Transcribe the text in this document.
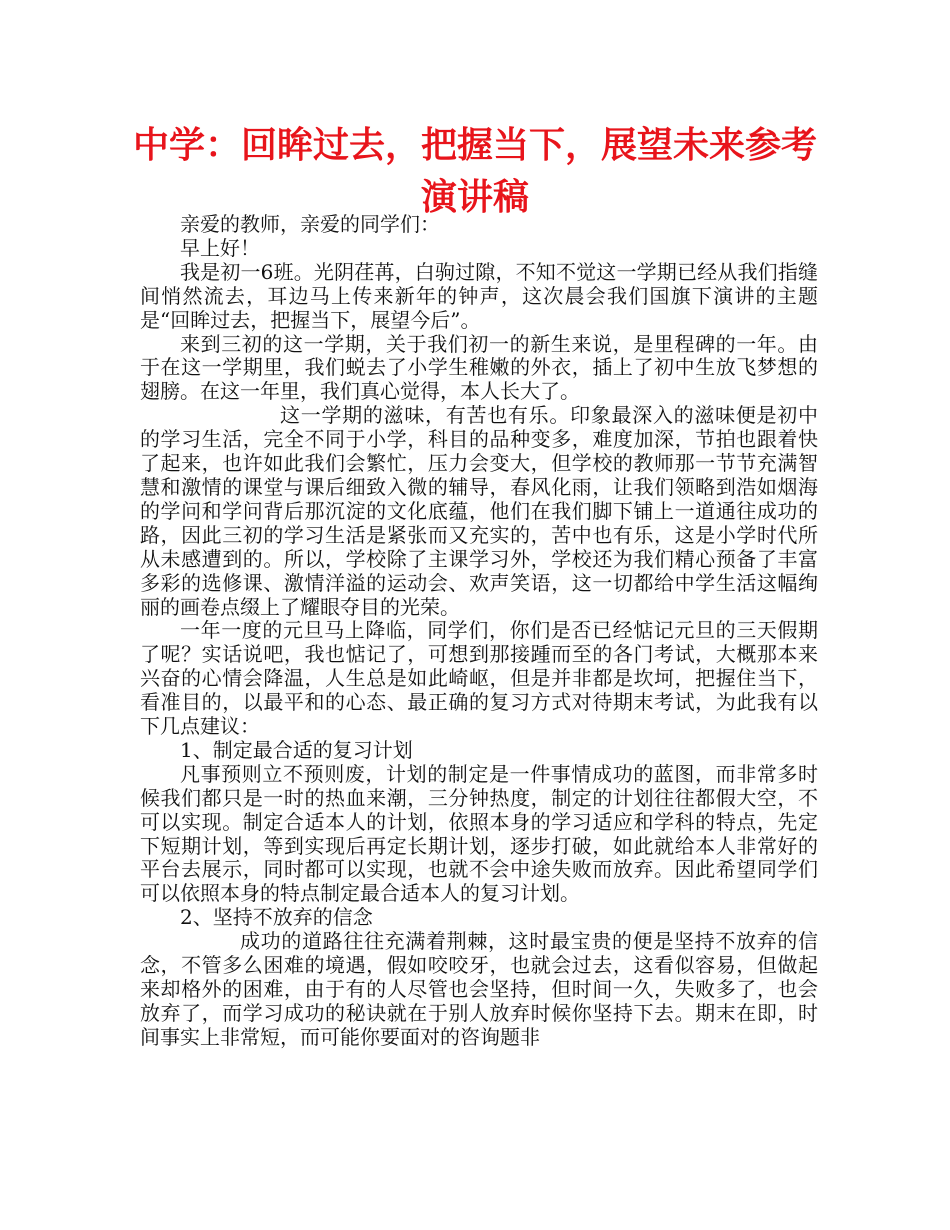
中学：回眸过去，把握当下，展望未来参考演讲稿

亲爱的教师，亲爱的同学们：

早上好！

我是初一6班。光阴荏苒，白驹过隙，不知不觉这一学期已经从我们指缝间悄然流去，耳边马上传来新年的钟声，这次晨会我们国旗下演讲的主题是“回眸过去，把握当下，展望今后”。

来到三初的这一学期，关于我们初一的新生来说，是里程碑的一年。由于在这一学期里，我们蜕去了小学生稚嫩的外衣，插上了初中生放飞梦想的翅膀。在这一年里，我们真心觉得，本人长大了。

这一学期的滋味，有苦也有乐。印象最深入的滋味便是初中的学习生活，完全不同于小学，科目的品种变多，难度加深，节拍也跟着快了起来，也许如此我们会繁忙，压力会变大，但学校的教师那一节节充满智慧和激情的课堂与课后细致入微的辅导，春风化雨，让我们领略到浩如烟海的学问和学问背后那沉淀的文化底蕴，他们在我们脚下铺上一道通往成功的路，因此三初的学习生活是紧张而又充实的，苦中也有乐，这是小学时代所从未感遭到的。所以，学校除了主课学习外，学校还为我们精心预备了丰富多彩的选修课、激情洋溢的运动会、欢声笑语，这一切都给中学生活这幅绚丽的画卷点缀上了耀眼夺目的光荣。

一年一度的元旦马上降临，同学们，你们是否已经惦记元旦的三天假期了呢？实话说吧，我也惦记了，可想到那接踵而至的各门考试，大概那本来兴奋的心情会降温，人生总是如此崎岖，但是并非都是坎坷，把握住当下，看准目的，以最平和的心态、最正确的复习方式对待期末考试，为此我有以下几点建议：

1、制定最合适的复习计划

凡事预则立不预则废，计划的制定是一件事情成功的蓝图，而非常多时候我们都只是一时的热血来潮，三分钟热度，制定的计划往往都假大空，不可以实现。制定合适本人的计划，依照本身的学习适应和学科的特点，先定下短期计划，等到实现后再定长期计划，逐步打破，如此就给本人非常好的平台去展示，同时都可以实现，也就不会中途失败而放弃。因此希望同学们可以依照本身的特点制定最合适本人的复习计划。

2、坚持不放弃的信念

成功的道路往往充满着荆棘，这时最宝贵的便是坚持不放弃的信念，不管多么困难的境遇，假如咬咬牙，也就会过去，这看似容易，但做起来却格外的困难，由于有的人尽管也会坚持，但时间一久，失败多了，也会放弃了，而学习成功的秘诀就在于别人放弃时候你坚持下去。期末在即，时间事实上非常短，而可能你要面对的咨询题非
